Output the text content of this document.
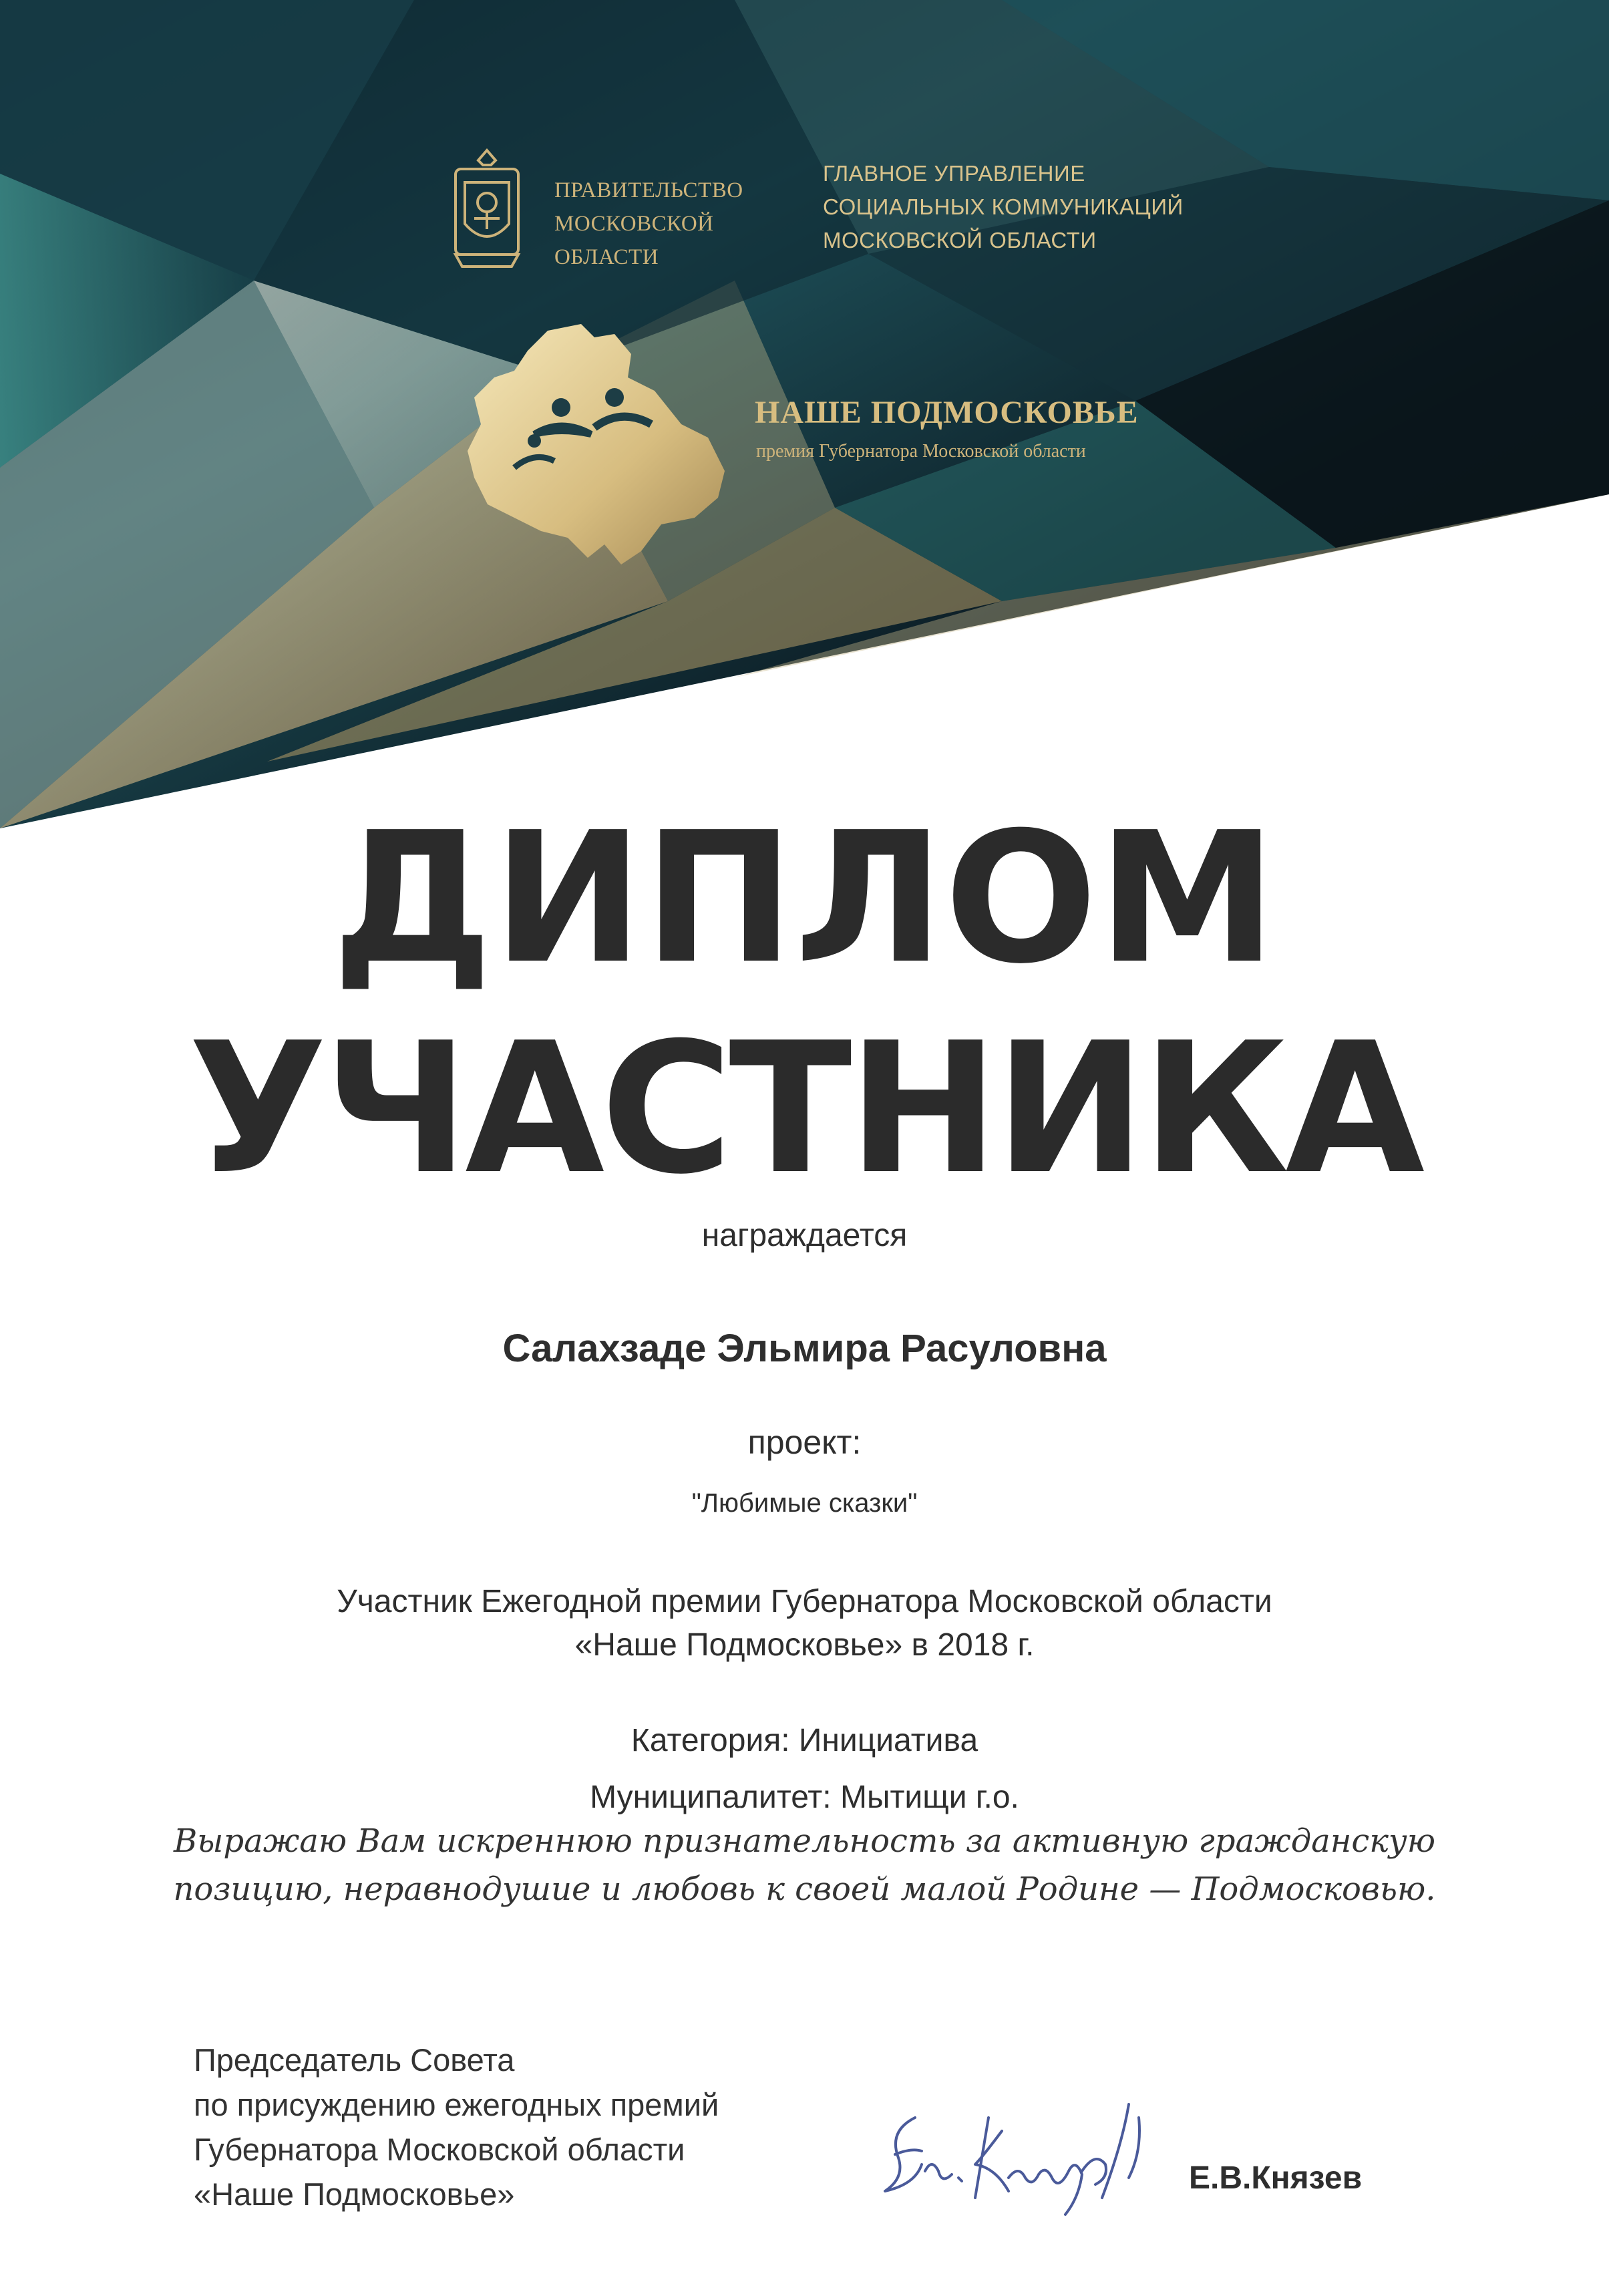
ПРАВИТЕЛЬСТВО
МОСКОВСКОЙ
ОБЛАСТИ
ГЛАВНОЕ УПРАВЛЕНИЕ
СОЦИАЛЬНЫХ КОММУНИКАЦИЙ
МОСКОВСКОЙ ОБЛАСТИ
НАШЕ ПОДМОСКОВЬЕ
премия Губернатора Московской области
ДИПЛОМ
УЧАСТНИКА
награждается
Салахзаде Эльмира Расуловна
проект:
"Любимые сказки"
Участник Ежегодной премии Губернатора Московской области
«Наше Подмосковье» в 2018 г.
Категория: Инициатива
Муниципалитет: Мытищи г.о.
Выражаю Вам искреннюю признательность за активную гражданскую
позицию, неравнодушие и любовь к своей малой Родине — Подмосковью.
Председатель Совета
по присуждению ежегодных премий
Губернатора Московской области
«Наше Подмосковье»	Е.В.Князев
